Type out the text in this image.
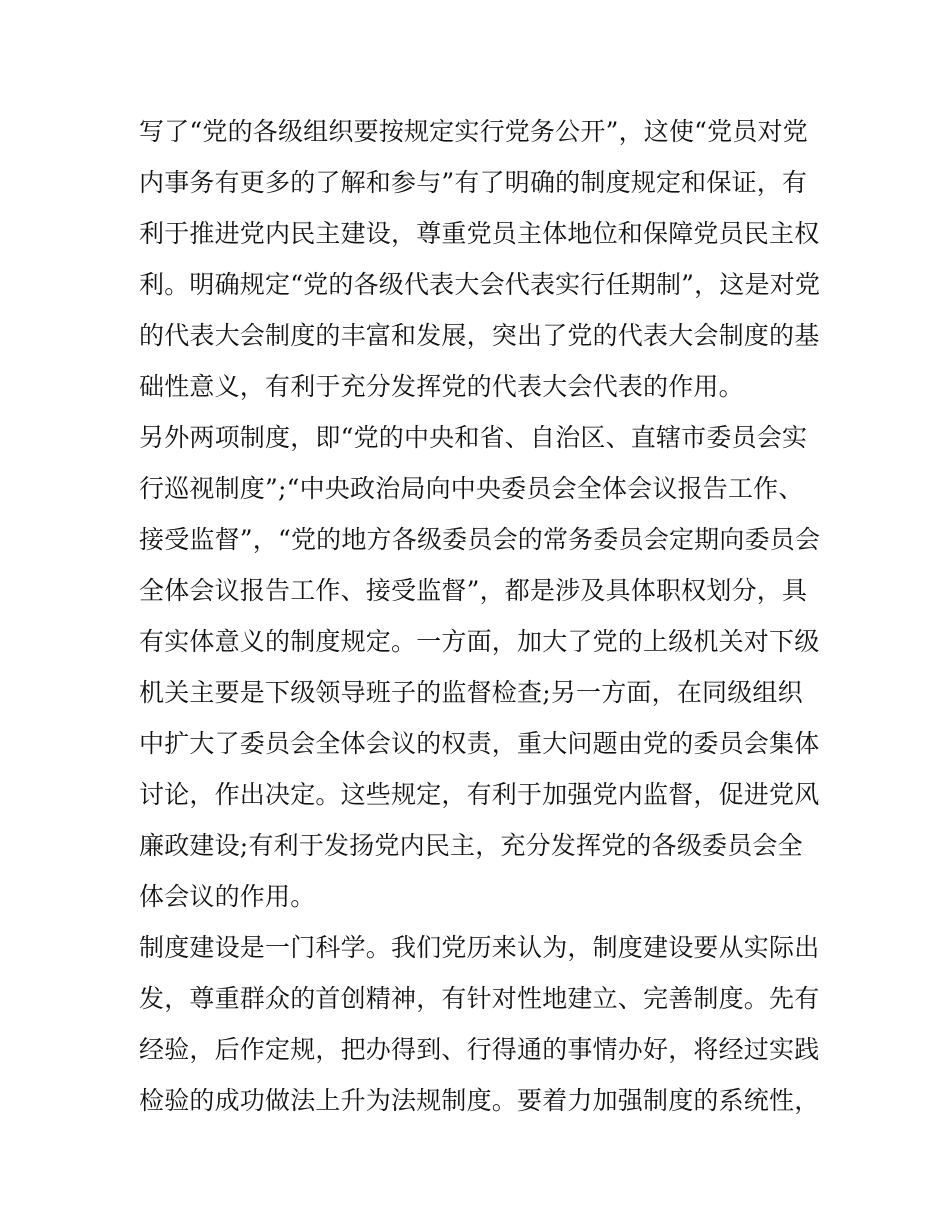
写了“党的各级组织要按规定实行党务公开”，这使“党员对党
内事务有更多的了解和参与”有了明确的制度规定和保证，有
利于推进党内民主建设，尊重党员主体地位和保障党员民主权
利。明确规定“党的各级代表大会代表实行任期制”，这是对党
的代表大会制度的丰富和发展，突出了党的代表大会制度的基
础性意义，有利于充分发挥党的代表大会代表的作用。
另外两项制度，即“党的中央和省、自治区、直辖市委员会实
行巡视制度”;“中央政治局向中央委员会全体会议报告工作、
接受监督”，“党的地方各级委员会的常务委员会定期向委员会
全体会议报告工作、接受监督”，都是涉及具体职权划分，具
有实体意义的制度规定。一方面，加大了党的上级机关对下级
机关主要是下级领导班子的监督检查;另一方面，在同级组织
中扩大了委员会全体会议的权责，重大问题由党的委员会集体
讨论，作出决定。这些规定，有利于加强党内监督，促进党风
廉政建设;有利于发扬党内民主，充分发挥党的各级委员会全
体会议的作用。
制度建设是一门科学。我们党历来认为，制度建设要从实际出
发，尊重群众的首创精神，有针对性地建立、完善制度。先有
经验，后作定规，把办得到、行得通的事情办好，将经过实践
检验的成功做法上升为法规制度。要着力加强制度的系统性，
